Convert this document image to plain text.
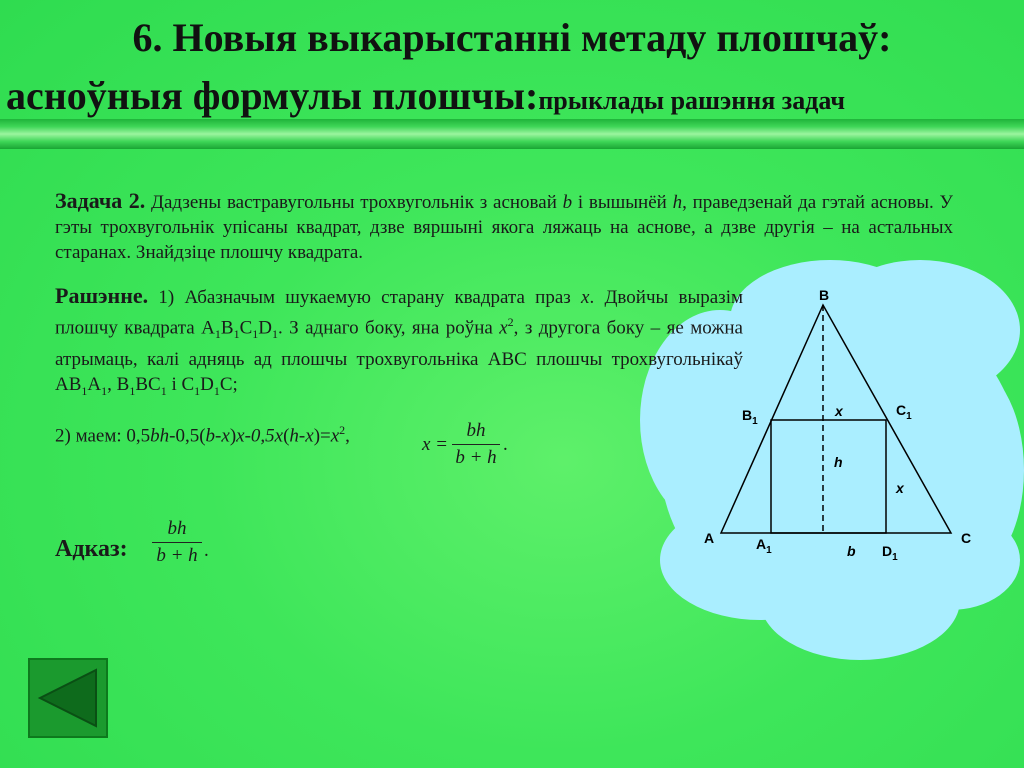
6. Новыя выкарыстанні метаду плошчаў:
асноўныя формулы плошчы:прыклады рашэння задач
B
A	C
$B_1$
$C_1$
$A_1$	$D_1$
x
x
h
b
Задача 2. Дадзены вастравугольны трохвугольнік з асновай b і вышынёй h, праведзенай да гэтай асновы. У гэты трохвугольнік упісаны квадрат, дзве вяршыні якога ляжаць на аснове, а дзве другія – на астальных старанах. Знайдзіце плошчу квадрата.
Рашэнне. 1) Абазначым шукаемую старану квадрата праз x. Двойчы выразім плошчу квадрата $A_1B_1C_1D_1$. З аднаго боку, яна роўна $x^2$, з другога боку – яе можна атрымаць, калі адняць ад плошчы трохвугольніка ABC плошчы трохвугольнікаў $AB_1A_1$, $B_1BC_1$ і $C_1D_1C$;
2) маем: $0,5bh-0,5(b-x)x-0,5x(h-x)=x^2$,	x =
bh
b + h
.
Адказ:
bh
b + h .
